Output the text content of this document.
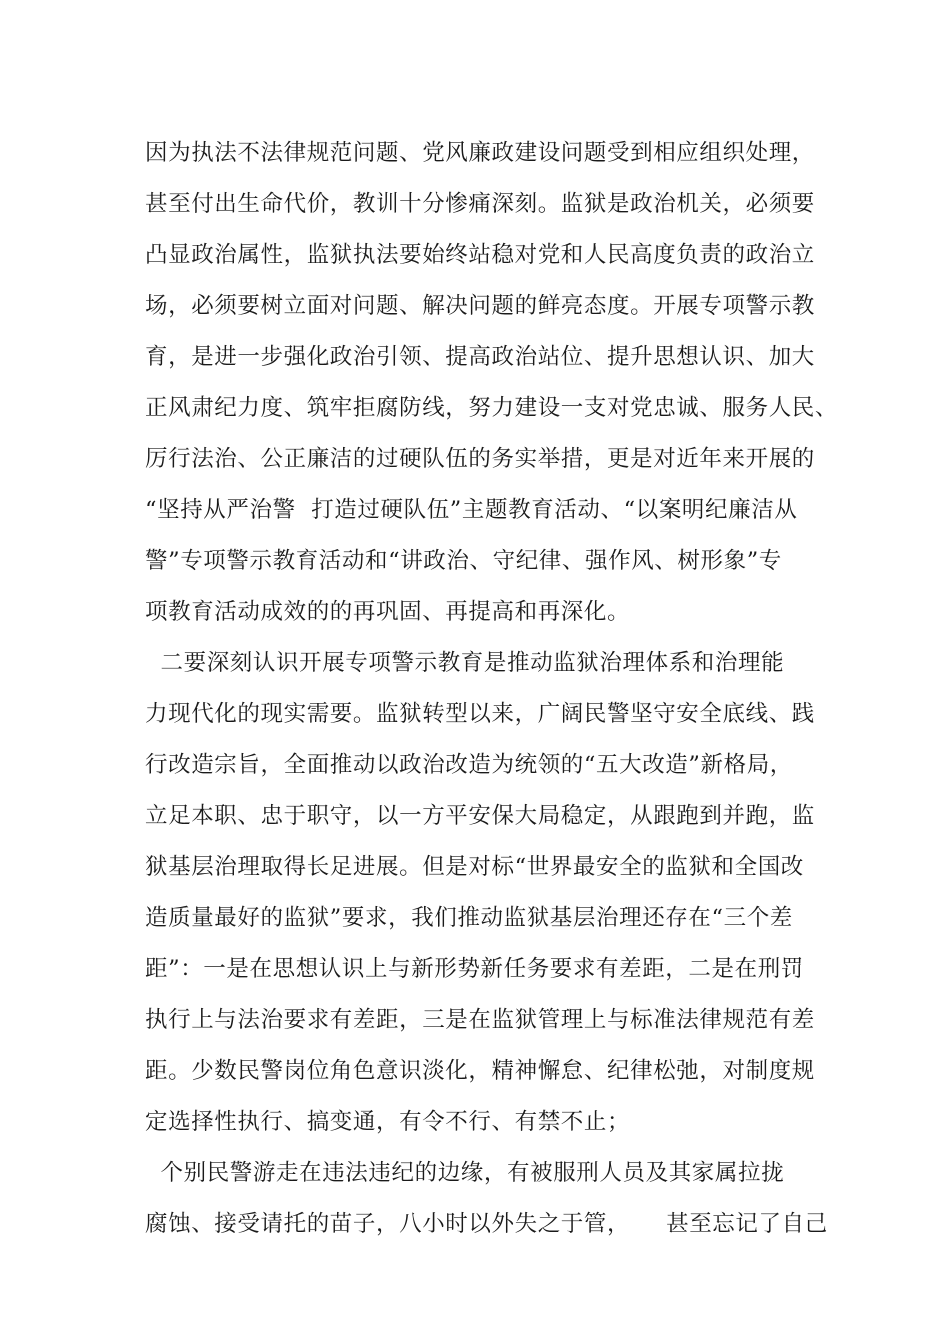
因为执法不法律规范问题、党风廉政建设问题受到相应组织处理，
甚至付出生命代价，教训十分惨痛深刻。监狱是政治机关，必须要
凸显政治属性，监狱执法要始终站稳对党和人民高度负责的政治立
场，必须要树立面对问题、解决问题的鲜亮态度。开展专项警示教
育，是进一步强化政治引领、提高政治站位、提升思想认识、加大
正风肃纪力度、筑牢拒腐防线，努力建设一支对党忠诚、服务人民、
厉行法治、公正廉洁的过硬队伍的务实举措，更是对近年来开展的
“坚持从严治警  打造过硬队伍”主题教育活动、“以案明纪廉洁从
警”专项警示教育活动和“讲政治、守纪律、强作风、树形象”专
项教育活动成效的的再巩固、再提高和再深化。
二要深刻认识开展专项警示教育是推动监狱治理体系和治理能
力现代化的现实需要。监狱转型以来，广阔民警坚守安全底线、践
行改造宗旨，全面推动以政治改造为统领的“五大改造”新格局，
立足本职、忠于职守，以一方平安保大局稳定，从跟跑到并跑，监
狱基层治理取得长足进展。但是对标“世界最安全的监狱和全国改
造质量最好的监狱”要求，我们推动监狱基层治理还存在“三个差
距”：一是在思想认识上与新形势新任务要求有差距，二是在刑罚
执行上与法治要求有差距，三是在监狱管理上与标准法律规范有差
距。少数民警岗位角色意识淡化，精神懈怠、纪律松弛，对制度规
定选择性执行、搞变通，有令不行、有禁不止；
个别民警游走在违法违纪的边缘，有被服刑人员及其家属拉拢
腐蚀、接受请托的苗子，八小时以外失之于管， 甚至忘记了自己
